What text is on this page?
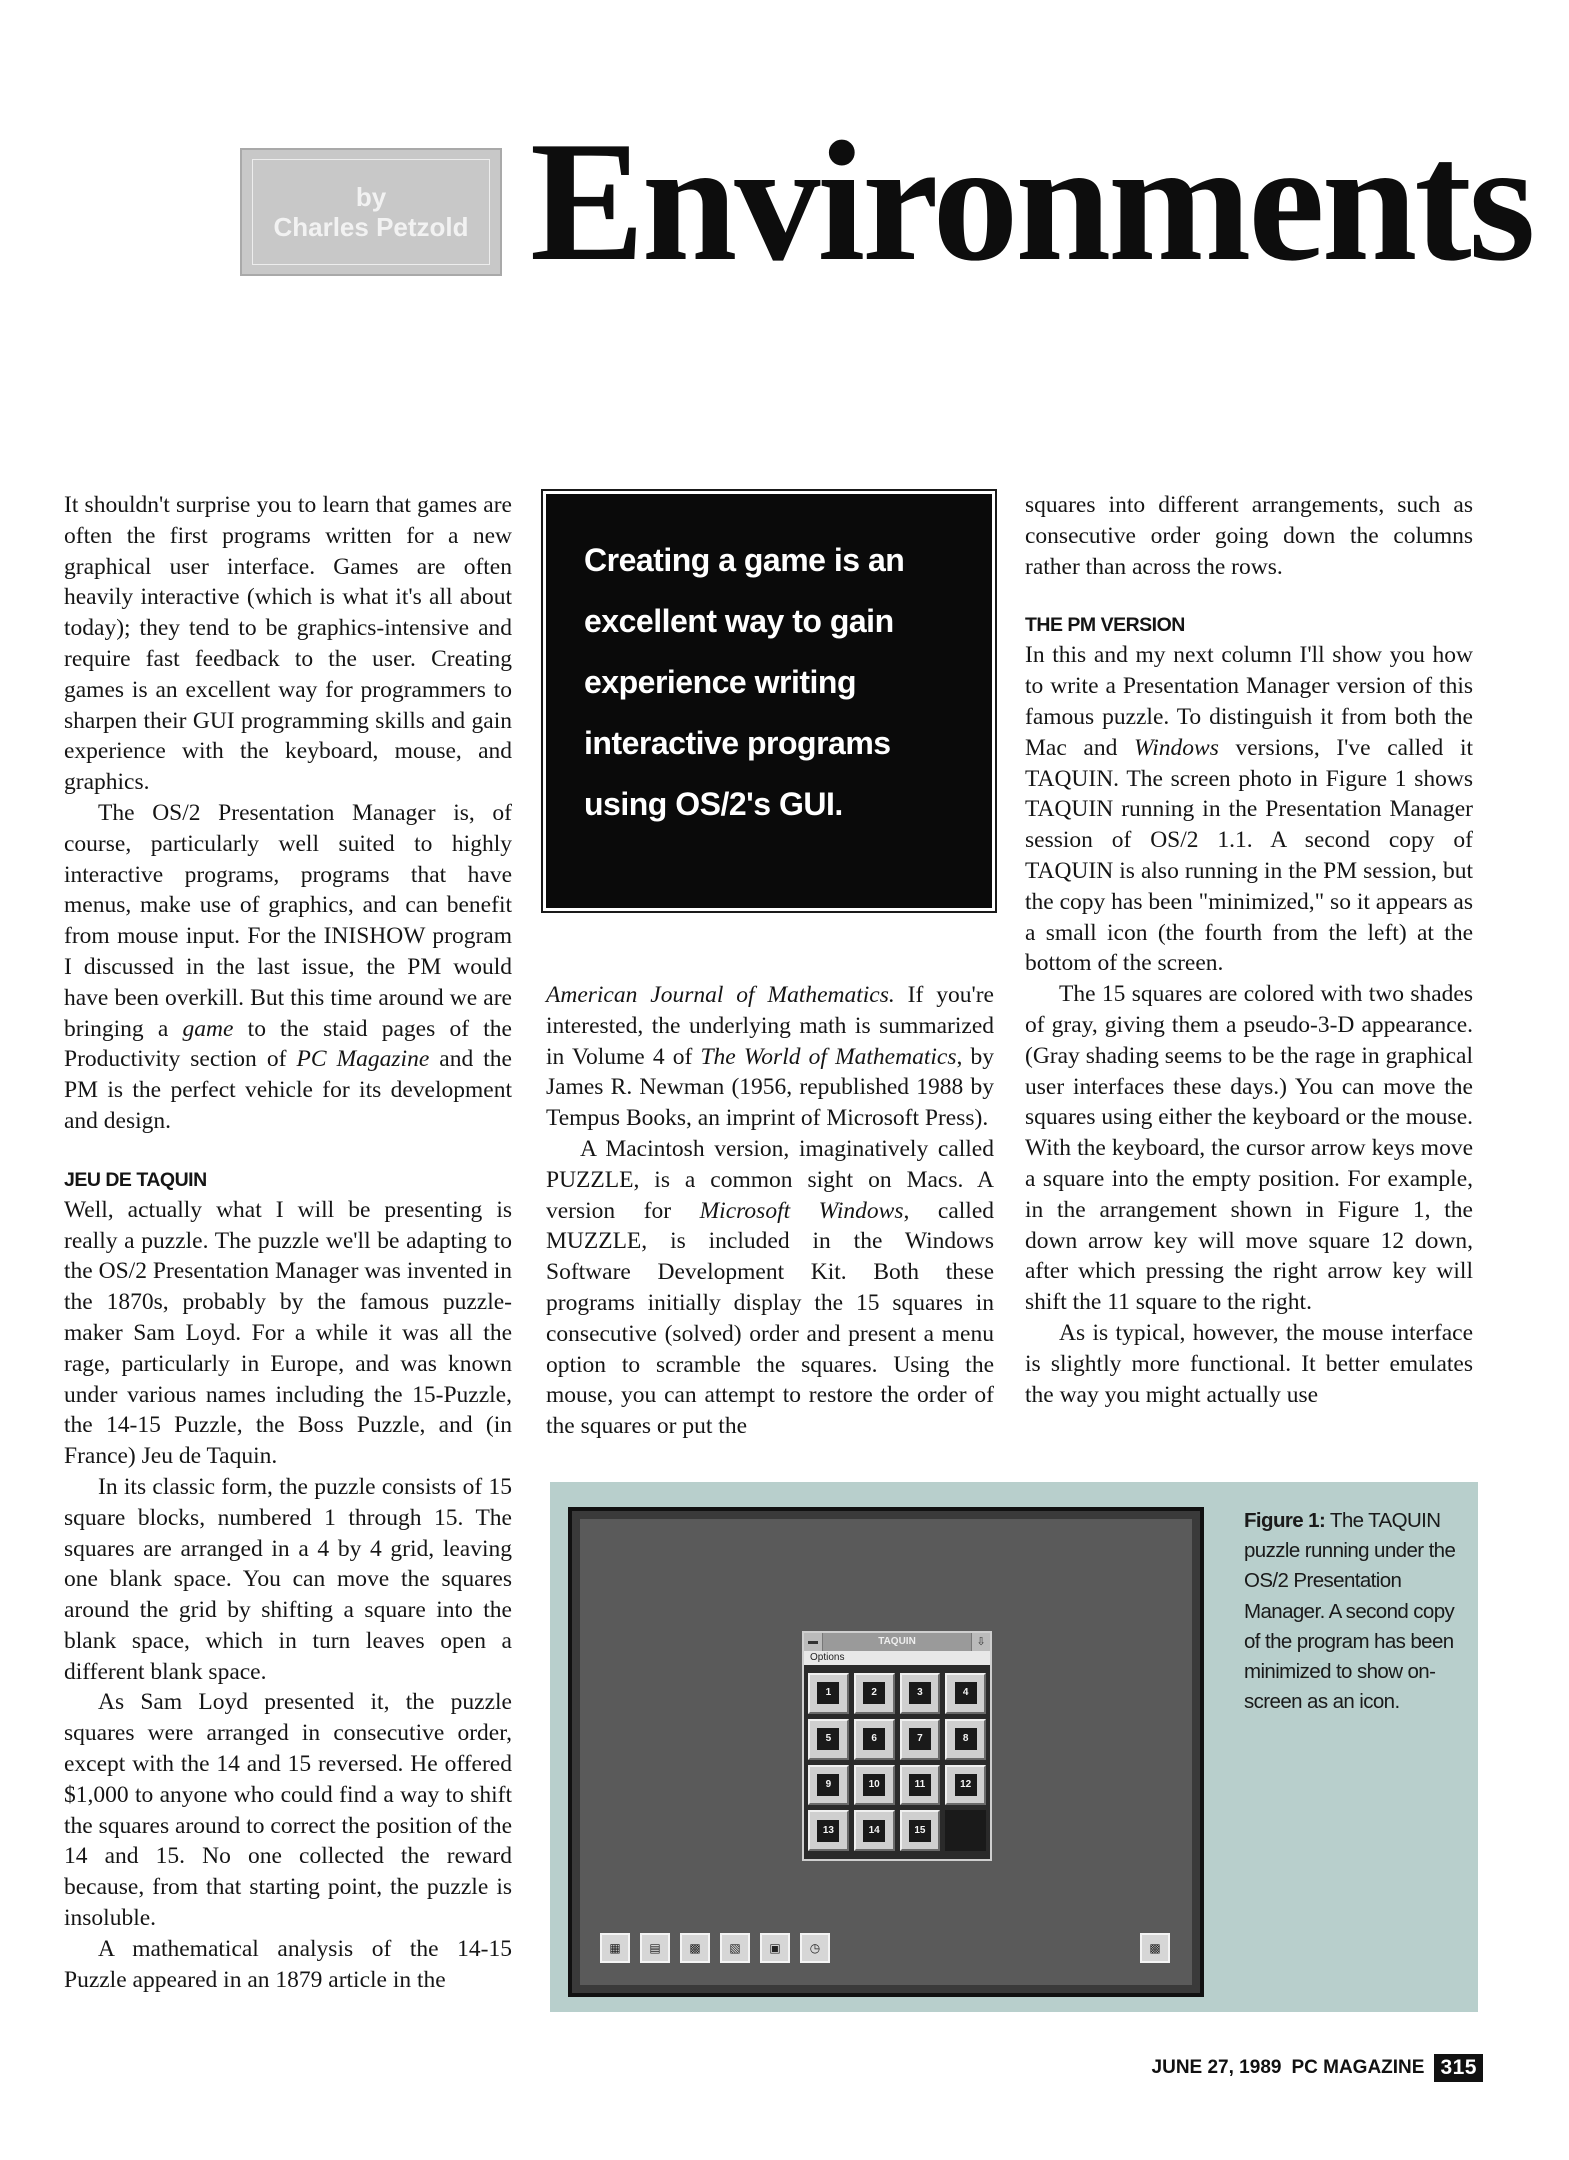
by
Charles Petzold Environments

It shouldn't surprise you to learn that games are often the first programs written for a new graphical user interface. Games are often heavily interactive (which is what it's all about today); they tend to be graphics-intensive and require fast feedback to the user. Creating games is an excellent way for programmers to sharpen their GUI programming skills and gain experience with the keyboard, mouse, and graphics.

The OS/2 Presentation Manager is, of course, particularly well suited to highly interactive programs, programs that have menus, make use of graphics, and can benefit from mouse input. For the INISHOW program I discussed in the last issue, the PM would have been overkill. But this time around we are bringing a game to the staid pages of the Productivity section of PC Magazine and the PM is the perfect vehicle for its development and design.

JEU DE TAQUIN

Well, actually what I will be presenting is really a puzzle. The puzzle we'll be adapting to the OS/2 Presentation Manager was invented in the 1870s, probably by the famous puzzle-maker Sam Loyd. For a while it was all the rage, particularly in Europe, and was known under various names including the 15-Puzzle, the 14-15 Puzzle, the Boss Puzzle, and (in France) Jeu de Taquin.

In its classic form, the puzzle consists of 15 square blocks, numbered 1 through 15. The squares are arranged in a 4 by 4 grid, leaving one blank space. You can move the squares around the grid by shifting a square into the blank space, which in turn leaves open a different blank space.

As Sam Loyd presented it, the puzzle squares were arranged in consecutive order, except with the 14 and 15 reversed. He offered $1,000 to anyone who could find a way to shift the squares around to correct the position of the 14 and 15. No one collected the reward because, from that starting point, the puzzle is insoluble.

A mathematical analysis of the 14-15 Puzzle appeared in an 1879 article in the

Creating a game is an excellent way to gain experience writing interactive programs using OS/2's GUI.

American Journal of Mathematics. If you're interested, the underlying math is summarized in Volume 4 of The World of Mathematics, by James R. Newman (1956, republished 1988 by Tempus Books, an imprint of Microsoft Press).

A Macintosh version, imaginatively called PUZZLE, is a common sight on Macs. A version for Microsoft Windows, called MUZZLE, is included in the Windows Software Development Kit. Both these programs initially display the 15 squares in consecutive (solved) order and present a menu option to scramble the squares. Using the mouse, you can attempt to restore the order of the squares or put the

squares into different arrangements, such as consecutive order going down the columns rather than across the rows.

THE PM VERSION

In this and my next column I'll show you how to write a Presentation Manager version of this famous puzzle. To distinguish it from both the Mac and Windows versions, I've called it TAQUIN. The screen photo in Figure 1 shows TAQUIN running in the Presentation Manager session of OS/2 1.1. A second copy of TAQUIN is also running in the PM session, but the copy has been "minimized," so it appears as a small icon (the fourth from the left) at the bottom of the screen.

The 15 squares are colored with two shades of gray, giving them a pseudo-3-D appearance. (Gray shading seems to be the rage in graphical user interfaces these days.) You can move the squares using either the keyboard or the mouse. With the keyboard, the cursor arrow keys move a square into the empty position. For example, in the arrangement shown in Figure 1, the down arrow key will move square 12 down, after which pressing the right arrow key will shift the 11 square to the right.

As is typical, however, the mouse interface is slightly more functional. It better emulates the way you might actually use

▬	TAQUIN	⇩
Options
1	2	3	4
5	6	7	8
9	10	11	12
13	14	15
▦	▤	▩	▧	▣	◷	▩
Figure 1: The TAQUIN puzzle running under the OS/2 Presentation Manager. A second copy of the program has been minimized to show on-screen as an icon.
JUNE 27, 1989 PC MAGAZINE 315
